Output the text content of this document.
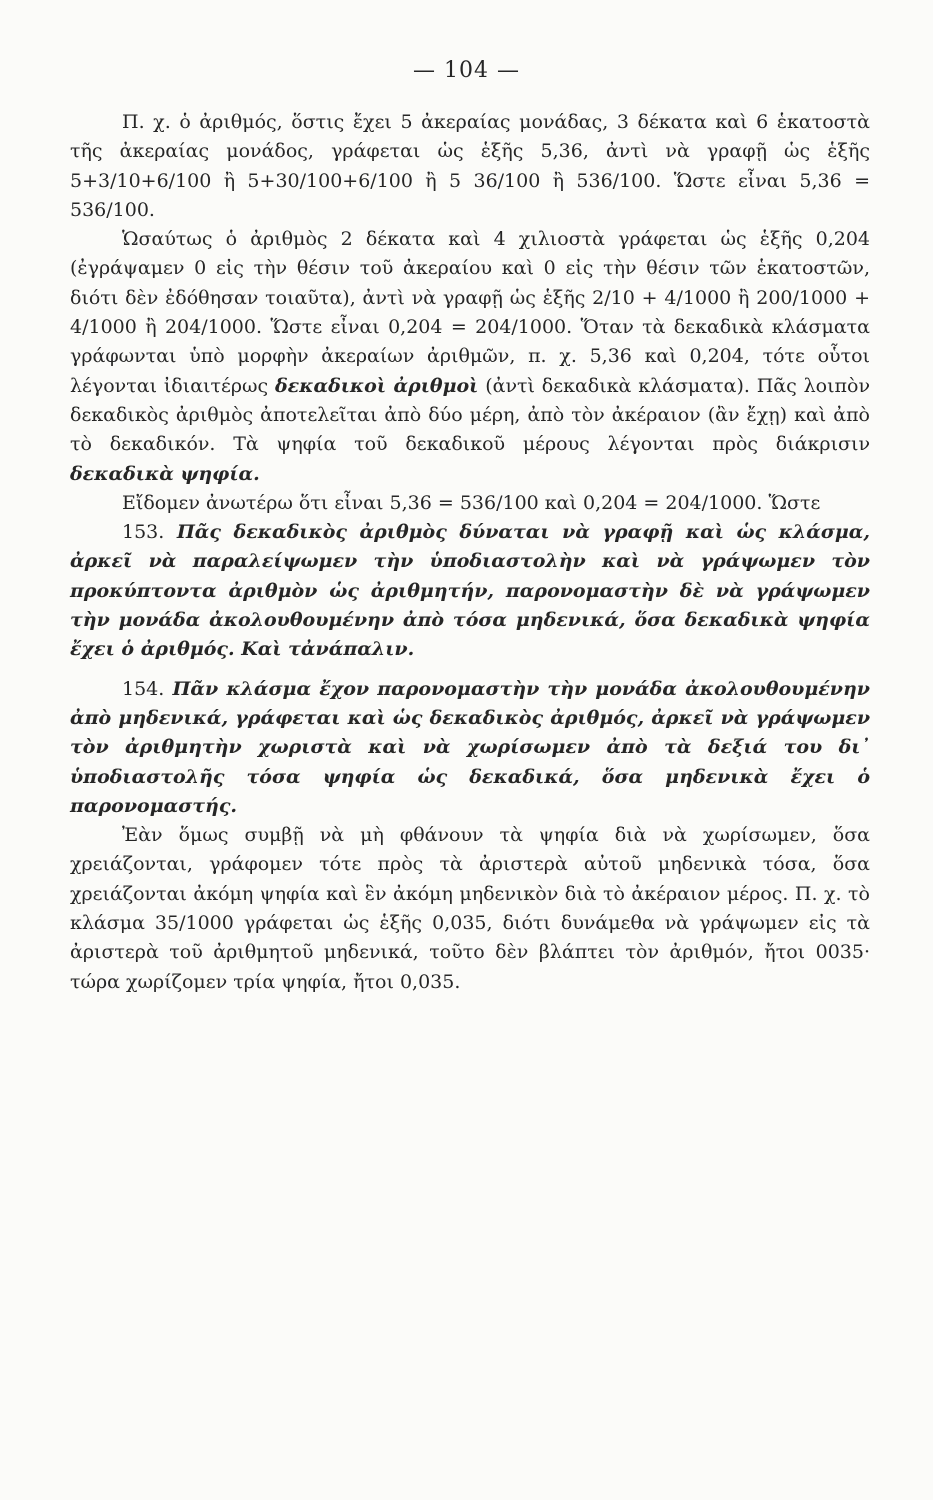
— 104 —

Π. χ. ὁ ἀριθμός, ὅστις ἔχει 5 ἀκεραίας μονάδας, 3 δέκατα καὶ 6 ἑκατοστὰ τῆς ἀκεραίας μονάδος, γράφεται ὡς ἑξῆς 5,36, ἀντὶ νὰ γραφῇ ὡς ἑξῆς 5+3/10+6/100 ἢ 5+30/100+6/100 ἢ 5 36/100 ἢ 536/100. Ὥστε εἶναι 5,36 = 536/100.

Ὡσαύτως ὁ ἀριθμὸς 2 δέκατα καὶ 4 χιλιοστὰ γράφεται ὡς ἑξῆς 0,204 (ἐγράψαμεν 0 εἰς τὴν θέσιν τοῦ ἀκεραίου καὶ 0 εἰς τὴν θέσιν τῶν ἑκατοστῶν, διότι δὲν ἐδόθησαν τοιαῦτα), ἀντὶ νὰ γραφῇ ὡς ἑξῆς 2/10 + 4/1000 ἢ 200/1000 + 4/1000 ἢ 204/1000. Ὥστε εἶναι 0,204 = 204/1000. Ὅταν τὰ δεκαδικὰ κλάσματα γράφωνται ὑπὸ μορφὴν ἀκεραίων ἀριθμῶν, π. χ. 5,36 καὶ 0,204, τότε οὗτοι λέγονται ἰδιαιτέρως δεκαδικοὶ ἀριθμοὶ (ἀντὶ δεκαδικὰ κλάσματα). Πᾶς λοιπὸν δεκαδικὸς ἀριθμὸς ἀποτελεῖται ἀπὸ δύο μέρη, ἀπὸ τὸν ἀκέραιον (ἂν ἔχῃ) καὶ ἀπὸ τὸ δεκαδικόν. Τὰ ψηφία τοῦ δεκαδικοῦ μέρους λέγονται πρὸς διάκρισιν δεκαδικὰ ψηφία.

Εἴδομεν ἀνωτέρω ὅτι εἶναι 5,36 = 536/100 καὶ 0,204 = 204/1000. Ὥστε

153. Πᾶς δεκαδικὸς ἀριθμὸς δύναται νὰ γραφῇ καὶ ὡς κλάσμα, ἀρκεῖ νὰ παραλείψωμεν τὴν ὑποδιαστολὴν καὶ νὰ γράψωμεν τὸν προκύπτοντα ἀριθμὸν ὡς ἀριθμητήν, παρονομαστὴν δὲ νὰ γράψωμεν τὴν μονάδα ἀκολουθουμένην ἀπὸ τόσα μηδενικά, ὅσα δεκαδικὰ ψηφία ἔχει ὁ ἀριθμός. Καὶ τἀνάπαλιν.

154. Πᾶν κλάσμα ἔχον παρονομαστὴν τὴν μονάδα ἀκολουθουμένην ἀπὸ μηδενικά, γράφεται καὶ ὡς δεκαδικὸς ἀριθμός, ἀρκεῖ νὰ γράψωμεν τὸν ἀριθμητὴν χωριστὰ καὶ νὰ χωρίσωμεν ἀπὸ τὰ δεξιά του δι᾽ ὑποδιαστολῆς τόσα ψηφία ὡς δεκαδικά, ὅσα μηδενικὰ ἔχει ὁ παρονομαστής.

Ἐὰν ὅμως συμβῇ νὰ μὴ φθάνουν τὰ ψηφία διὰ νὰ χωρίσωμεν, ὅσα χρειάζονται, γράφομεν τότε πρὸς τὰ ἀριστερὰ αὐτοῦ μηδενικὰ τόσα, ὅσα χρειάζονται ἀκόμη ψηφία καὶ ἓν ἀκόμη μηδενικὸν διὰ τὸ ἀκέραιον μέρος. Π. χ. τὸ κλάσμα 35/1000 γράφεται ὡς ἑξῆς 0,035, διότι δυνάμεθα νὰ γράψωμεν εἰς τὰ ἀριστερὰ τοῦ ἀριθμητοῦ μηδενικά, τοῦτο δὲν βλάπτει τὸν ἀριθμόν, ἤτοι 0035· τώρα χωρίζομεν τρία ψηφία, ἤτοι 0,035.
